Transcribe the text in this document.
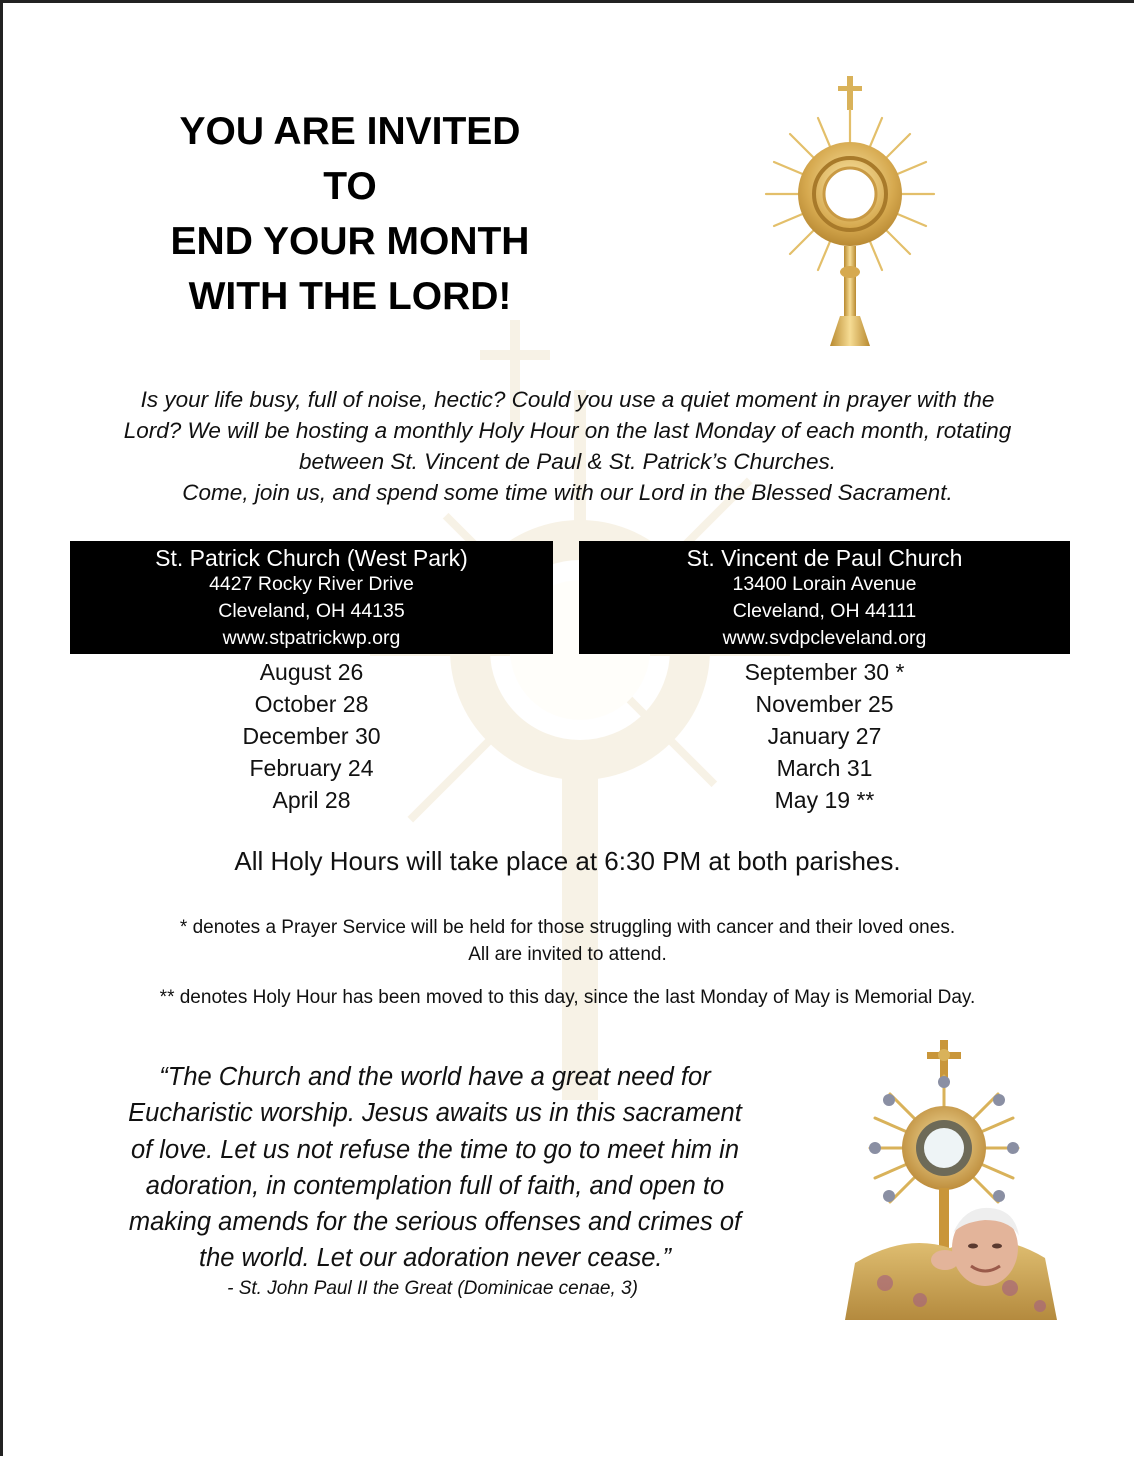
YOU ARE INVITED
TO
END YOUR MONTH
WITH THE LORD!
Is your life busy, full of noise, hectic? Could you use a quiet moment in prayer with the
Lord? We will be hosting a monthly Holy Hour on the last Monday of each month, rotating
between St. Vincent de Paul & St. Patrick’s Churches.
Come, join us, and spend some time with our Lord in the Blessed Sacrament.
St. Patrick Church (West Park)
4427 Rocky River Drive
Cleveland, OH 44135
www.stpatrickwp.org
St. Vincent de Paul Church
13400 Lorain Avenue
Cleveland, OH 44111
www.svdpcleveland.org
August 26
October 28
December 30
February 24
April 28
September 30 *
November 25
January 27
March 31
May 19 **
All Holy Hours will take place at 6:30 PM at both parishes.
* denotes a Prayer Service will be held for those struggling with cancer and their loved ones.
All are invited to attend.
** denotes Holy Hour has been moved to this day, since the last Monday of May is Memorial Day.
“The Church and the world have a great need for
Eucharistic worship. Jesus awaits us in this sacrament
of love. Let us not refuse the time to go to meet him in
adoration, in contemplation full of faith, and open to
making amends for the serious offenses and crimes of
the world. Let our adoration never cease.”
- St. John Paul II the Great (Dominicae cenae, 3)
